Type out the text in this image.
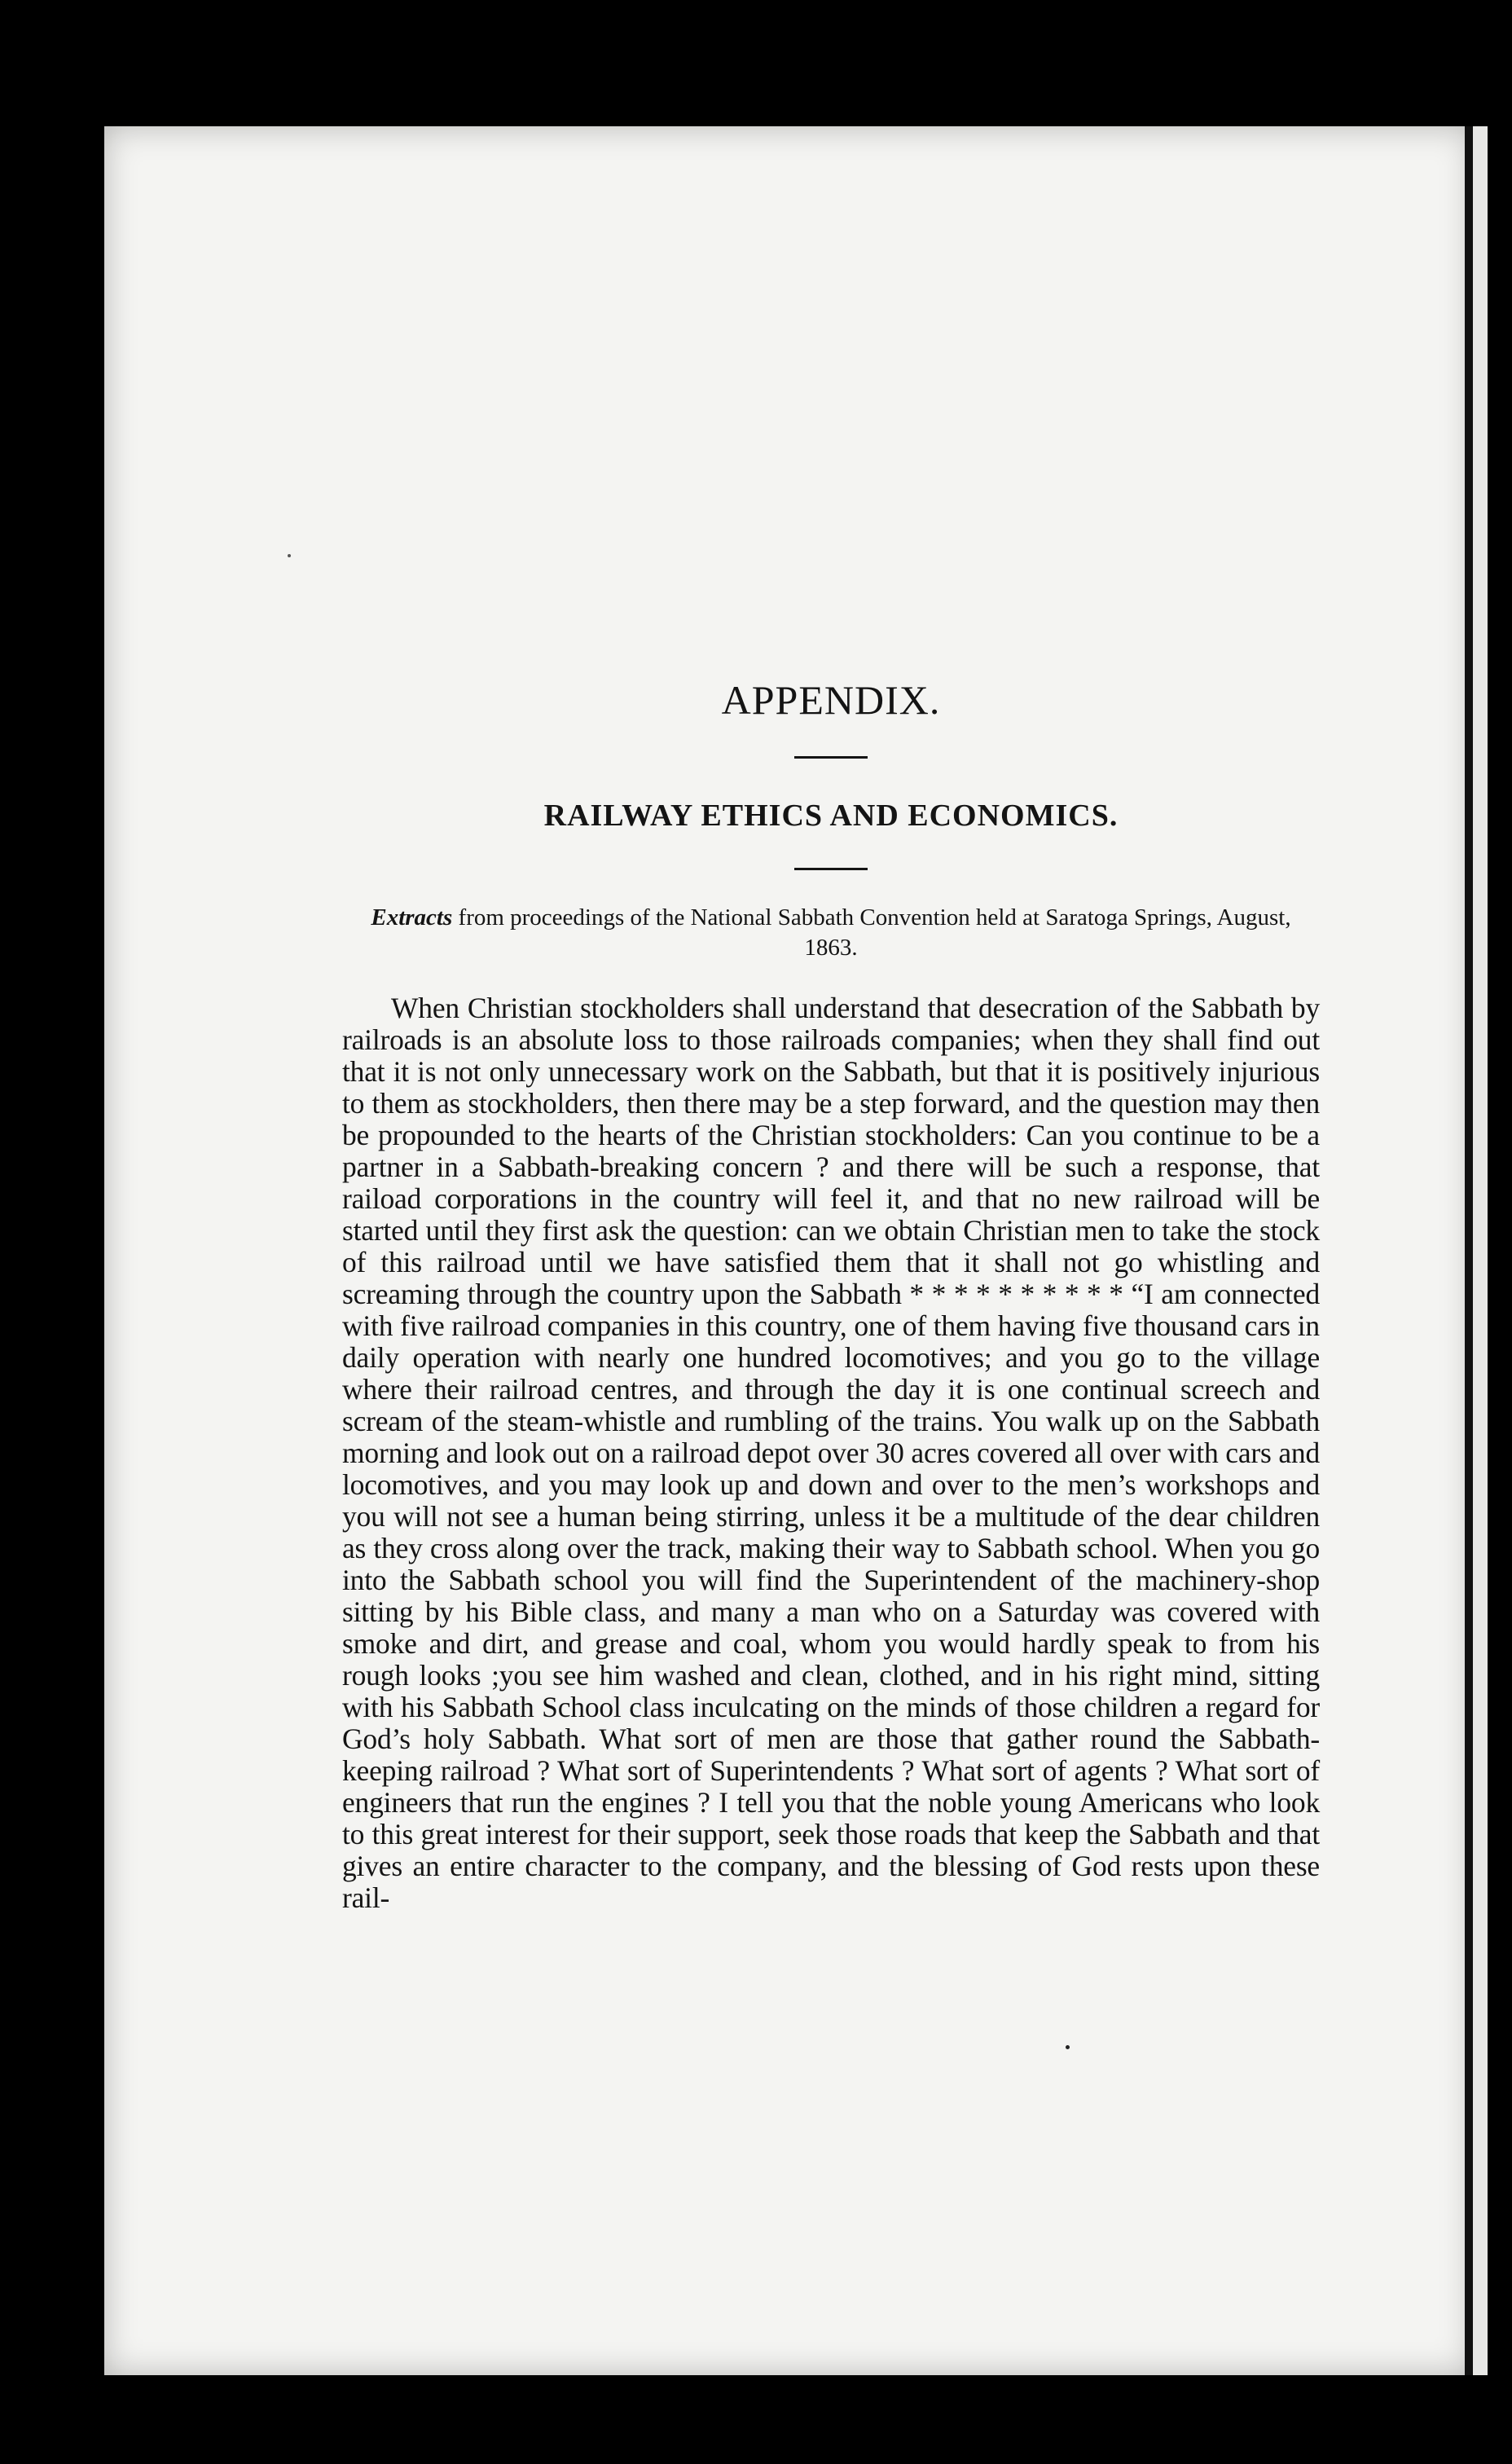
APPENDIX.
RAILWAY ETHICS AND ECONOMICS.

Extracts from proceedings of the National Sabbath Convention held at Saratoga Springs, August, 1863.

When Christian stockholders shall understand that desecration of the Sabbath by railroads is an absolute loss to those railroads companies; when they shall find out that it is not only unnecessary work on the Sabbath, but that it is positively injurious to them as stockholders, then there may be a step forward, and the question may then be propounded to the hearts of the Christian stockholders: Can you continue to be a partner in a Sabbath-breaking concern ? and there will be such a response, that raiload corporations in the country will feel it, and that no new railroad will be started until they first ask the question: can we obtain Christian men to take the stock of this railroad until we have satisfied them that it shall not go whistling and screaming through the country upon the Sabbath * * * * * * * * * * “I am connected with five railroad companies in this country, one of them having five thousand cars in daily operation with nearly one hundred locomotives; and you go to the village where their railroad centres, and through the day it is one continual screech and scream of the steam-whistle and rumbling of the trains. You walk up on the Sabbath morning and look out on a railroad depot over 30 acres covered all over with cars and locomotives, and you may look up and down and over to the men’s workshops and you will not see a human being stirring, unless it be a multitude of the dear children as they cross along over the track, making their way to Sabbath school. When you go into the Sabbath school you will find the Superintendent of the machinery-shop sitting by his Bible class, and many a man who on a Saturday was covered with smoke and dirt, and grease and coal, whom you would hardly speak to from his rough looks ;you see him washed and clean, clothed, and in his right mind, sitting with his Sabbath School class inculcating on the minds of those children a regard for God’s holy Sabbath. What sort of men are those that gather round the Sabbath-keeping railroad ? What sort of Superintendents ? What sort of agents ? What sort of engineers that run the engines ? I tell you that the noble young Americans who look to this great interest for their support, seek those roads that keep the Sabbath and that gives an entire character to the company, and the blessing of God rests upon these rail-
